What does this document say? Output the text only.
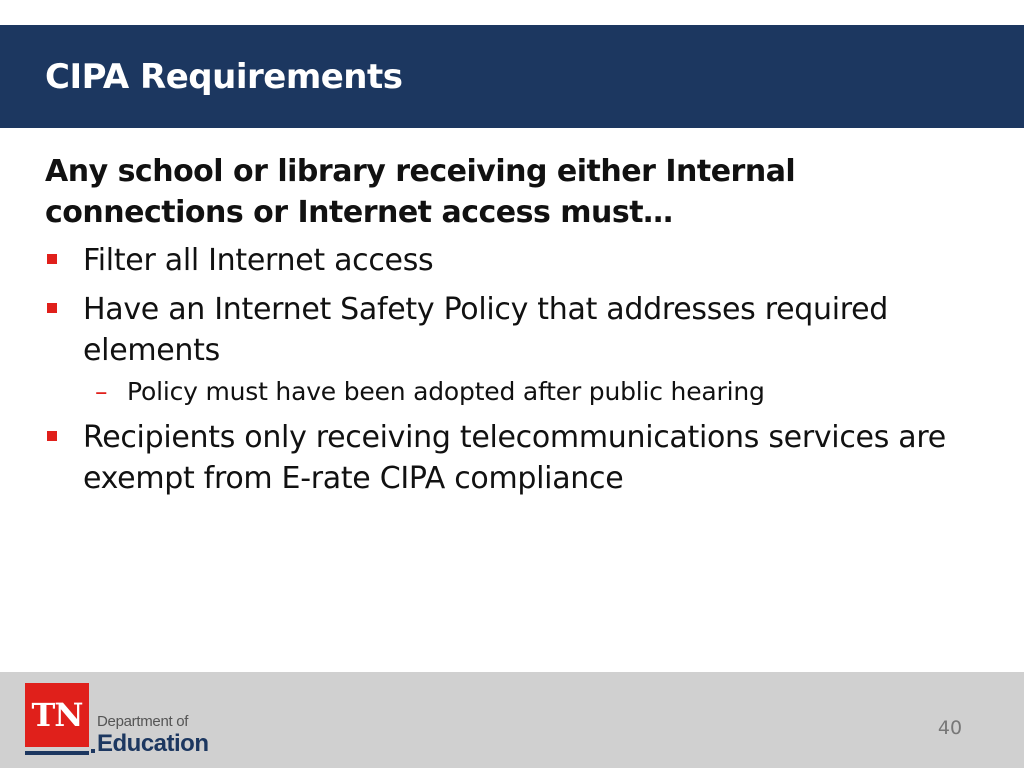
CIPA Requirements

Any school or library receiving either Internal connections or Internet access must…

Filter all Internet access
Have an Internet Safety Policy that addresses required elements
– Policy must have been adopted after public hearing
Recipients only receiving telecommunications services are exempt from E-rate CIPA compliance
TN Department of
Education
40
